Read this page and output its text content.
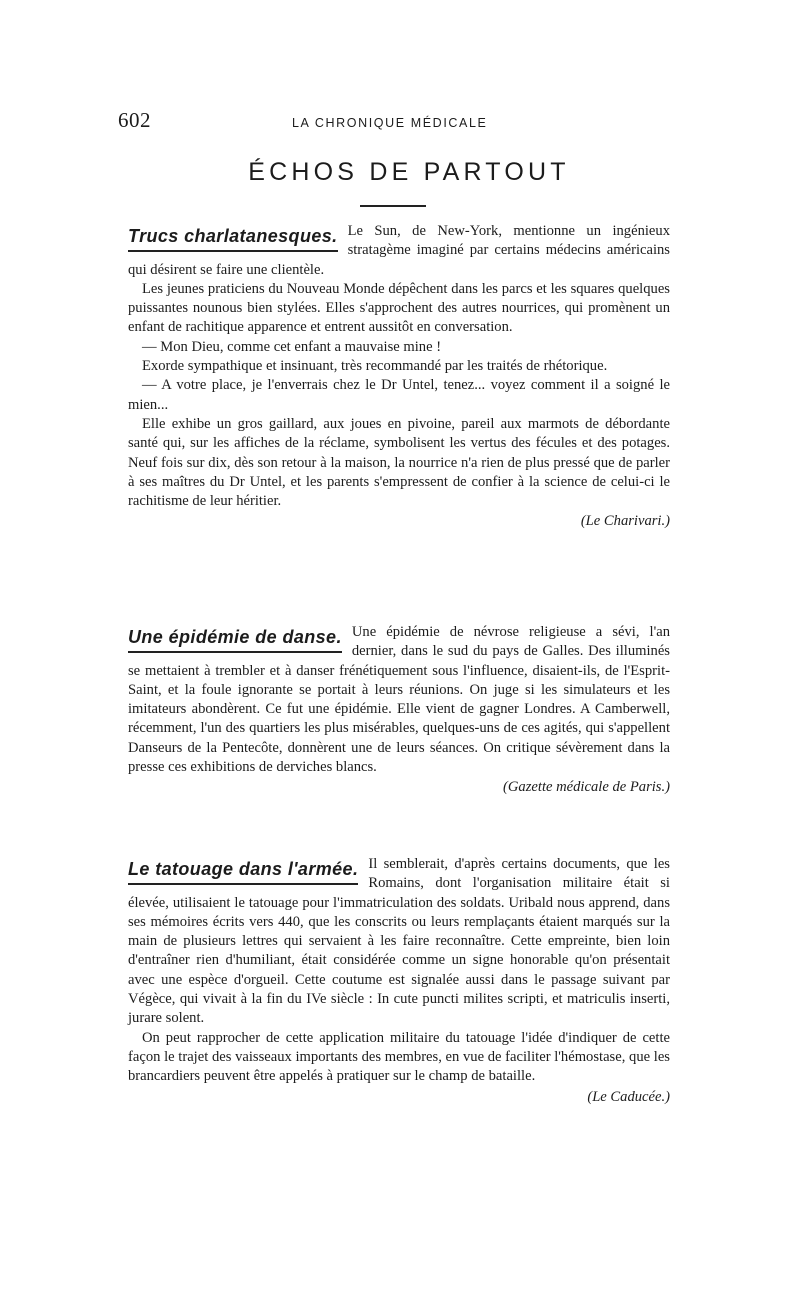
602	LA CHRONIQUE MÉDICALE
ÉCHOS DE PARTOUT
Trucs charlatanesques. Le Sun, de New-York, mentionne un ingénieux stratagème imaginé par certains médecins américains qui désirent se faire une clientèle.

Les jeunes praticiens du Nouveau Monde dépêchent dans les parcs et les squares quelques puissantes nounous bien stylées. Elles s'approchent des autres nourrices, qui promènent un enfant de rachitique apparence et entrent aussitôt en conversation.

— Mon Dieu, comme cet enfant a mauvaise mine !

Exorde sympathique et insinuant, très recommandé par les traités de rhétorique.

— A votre place, je l'enverrais chez le Dr Untel, tenez... voyez comment il a soigné le mien...

Elle exhibe un gros gaillard, aux joues en pivoine, pareil aux marmots de débordante santé qui, sur les affiches de la réclame, symbolisent les vertus des fécules et des potages. Neuf fois sur dix, dès son retour à la maison, la nourrice n'a rien de plus pressé que de parler à ses maîtres du Dr Untel, et les parents s'empressent de confier à la science de celui-ci le rachitisme de leur héritier.

(Le Charivari.)
Une épidémie de danse. Une épidémie de névrose religieuse a sévi, l'an dernier, dans le sud du pays de Galles. Des illuminés se mettaient à trembler et à danser frénétiquement sous l'influence, disaient-ils, de l'Esprit-Saint, et la foule ignorante se portait à leurs réunions. On juge si les simulateurs et les imitateurs abondèrent. Ce fut une épidémie. Elle vient de gagner Londres. A Camberwell, récemment, l'un des quartiers les plus misérables, quelques-uns de ces agités, qui s'appellent Danseurs de la Pentecôte, donnèrent une de leurs séances. On critique sévèrement dans la presse ces exhibitions de derviches blancs.

(Gazette médicale de Paris.)
Le tatouage dans l'armée. Il semblerait, d'après certains documents, que les Romains, dont l'organisation militaire était si élevée, utilisaient le tatouage pour l'immatriculation des soldats. Uribald nous apprend, dans ses mémoires écrits vers 440, que les conscrits ou leurs remplaçants étaient marqués sur la main de plusieurs lettres qui servaient à les faire reconnaître. Cette empreinte, bien loin d'entraîner rien d'humiliant, était considérée comme un signe honorable qu'on présentait avec une espèce d'orgueil. Cette coutume est signalée aussi dans le passage suivant par Végèce, qui vivait à la fin du IVe siècle : In cute puncti milites scripti, et matriculis inserti, jurare solent.

On peut rapprocher de cette application militaire du tatouage l'idée d'indiquer de cette façon le trajet des vaisseaux importants des membres, en vue de faciliter l'hémostase, que les brancardiers peuvent être appelés à pratiquer sur le champ de bataille.

(Le Caducée.)
